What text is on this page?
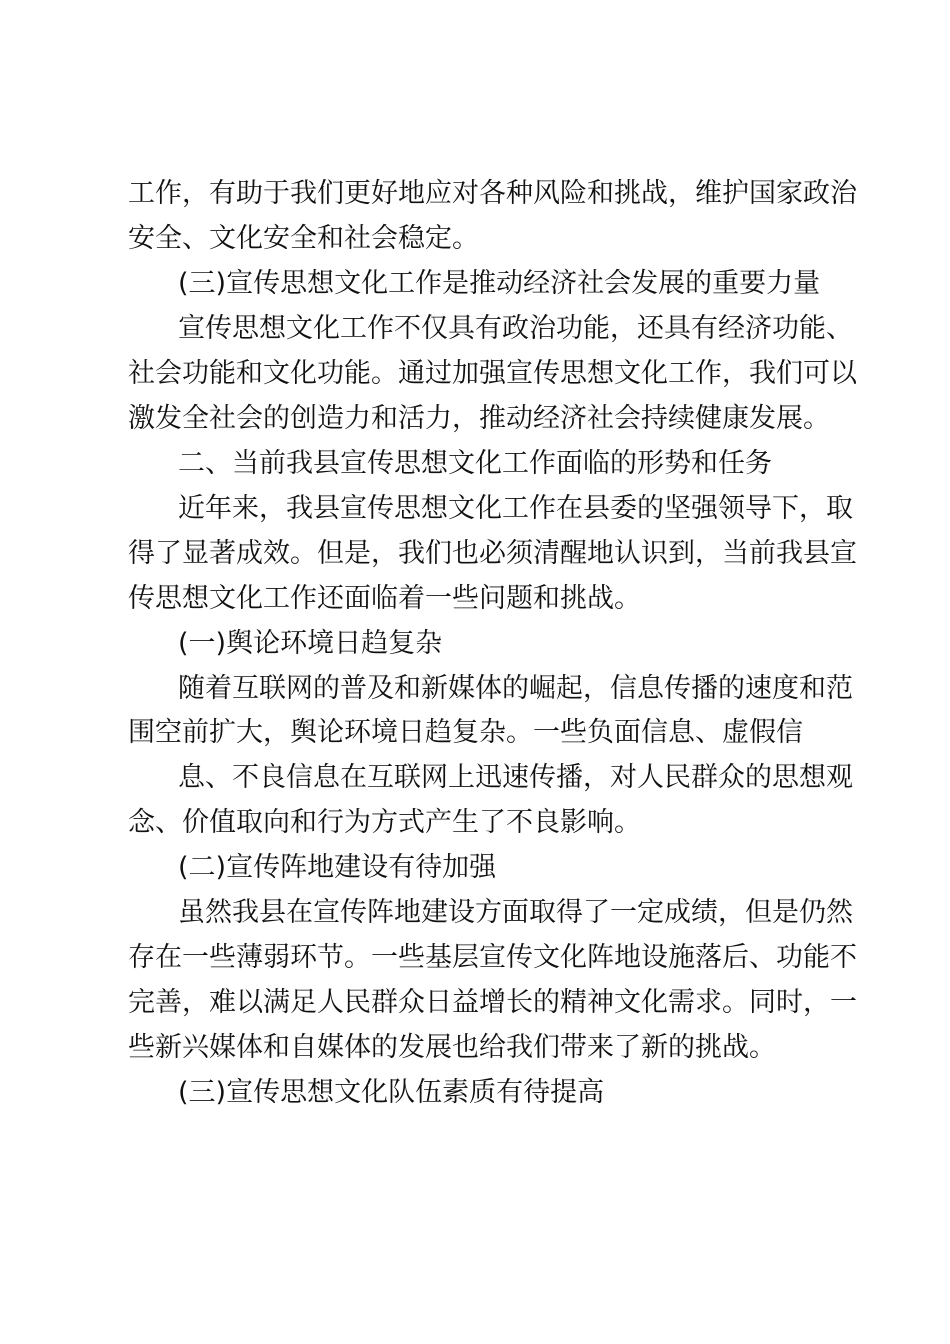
工作，有助于我们更好地应对各种风险和挑战，维护国家政治
安全、文化安全和社会稳定。
(三)宣传思想文化工作是推动经济社会发展的重要力量
宣传思想文化工作不仅具有政治功能，还具有经济功能、
社会功能和文化功能。通过加强宣传思想文化工作，我们可以
激发全社会的创造力和活力，推动经济社会持续健康发展。
二、当前我县宣传思想文化工作面临的形势和任务
近年来，我县宣传思想文化工作在县委的坚强领导下，取
得了显著成效。但是，我们也必须清醒地认识到，当前我县宣
传思想文化工作还面临着一些问题和挑战。
(一)舆论环境日趋复杂
随着互联网的普及和新媒体的崛起，信息传播的速度和范
围空前扩大，舆论环境日趋复杂。一些负面信息、虚假信
息、不良信息在互联网上迅速传播，对人民群众的思想观
念、价值取向和行为方式产生了不良影响。
(二)宣传阵地建设有待加强
虽然我县在宣传阵地建设方面取得了一定成绩，但是仍然
存在一些薄弱环节。一些基层宣传文化阵地设施落后、功能不
完善，难以满足人民群众日益增长的精神文化需求。同时，一
些新兴媒体和自媒体的发展也给我们带来了新的挑战。
(三)宣传思想文化队伍素质有待提高
